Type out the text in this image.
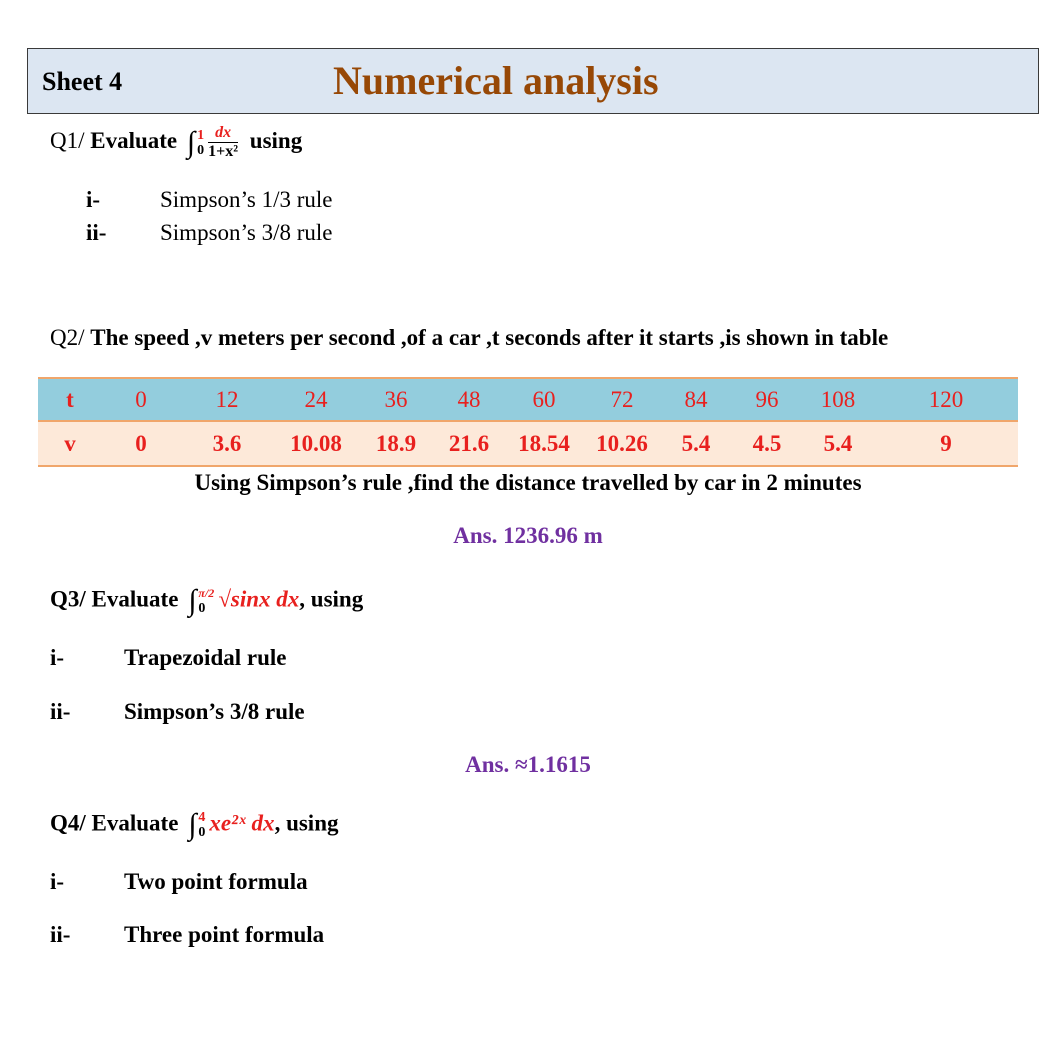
Sheet 4	Numerical analysis
Q1/ Evaluate ∫ 1
$0 \frac{dx}{\text{1+x²}}$ using
i-	Simpson’s 1/3 rule
ii- Simpson’s 3/8 rule
Q2/ The speed ,v meters per second ,of a car ,t seconds after it starts ,is shown in table
t	0	12	24	36	48	60	72	84	96	108	120
v	0	3.6	10.08	18.9	21.6	18.54	10.26	5.4	4.5	5.4	9
Using Simpson’s rule ,find the distance travelled by car in 2 minutes
Ans. 1236.96 m
Q3/ Evaluate ∫ π/2
0 √sinx dx, using
i-	Trapezoidal rule
ii- Simpson’s 3/8 rule
Ans. ≈1.1615
Q4/ Evaluate ∫ 4
0 xe²ˣ dx, using
i-	Two point formula
ii- Three point formula
